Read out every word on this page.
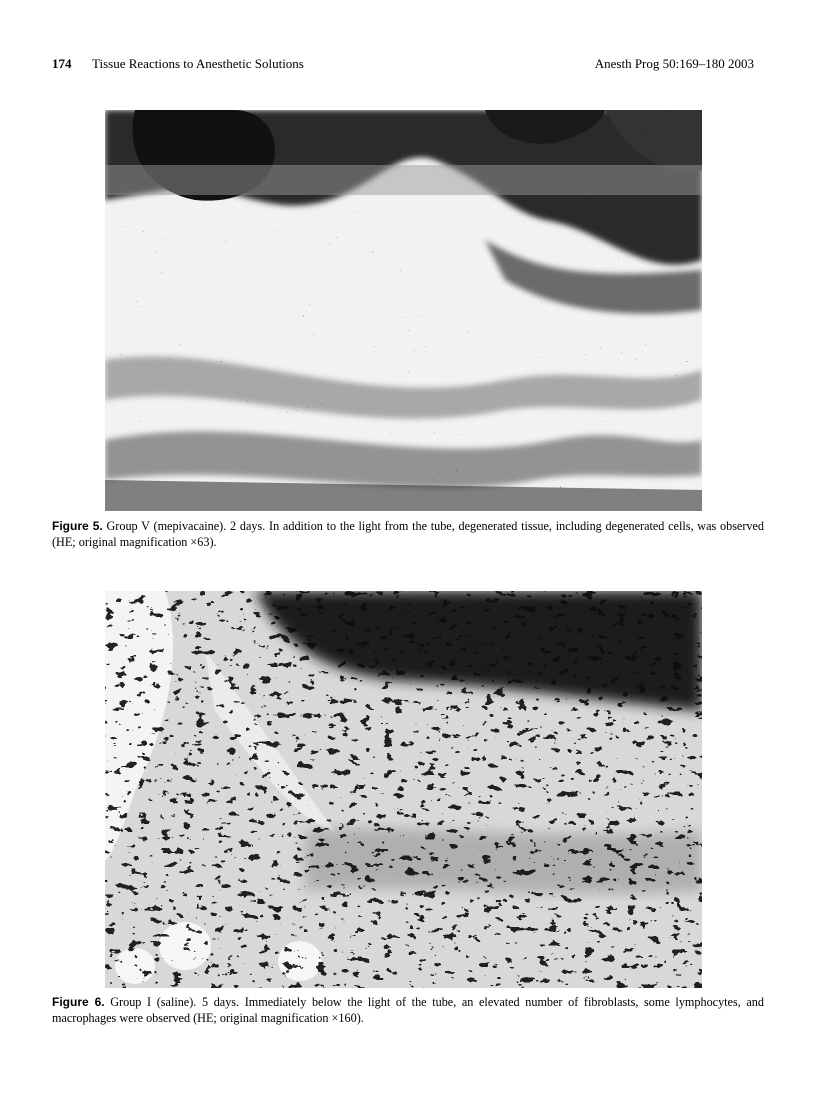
174 Tissue Reactions to Anesthetic Solutions	Anesth Prog 50:169–180 2003
Figure 5. Group V (mepivacaine). 2 days. In addition to the light from the tube, degenerated tissue, including degenerated cells, was observed (HE; original magnification ×63).
Figure 6. Group I (saline). 5 days. Immediately below the light of the tube, an elevated number of fibroblasts, some lymphocytes, and macrophages were observed (HE; original magnification ×160).
